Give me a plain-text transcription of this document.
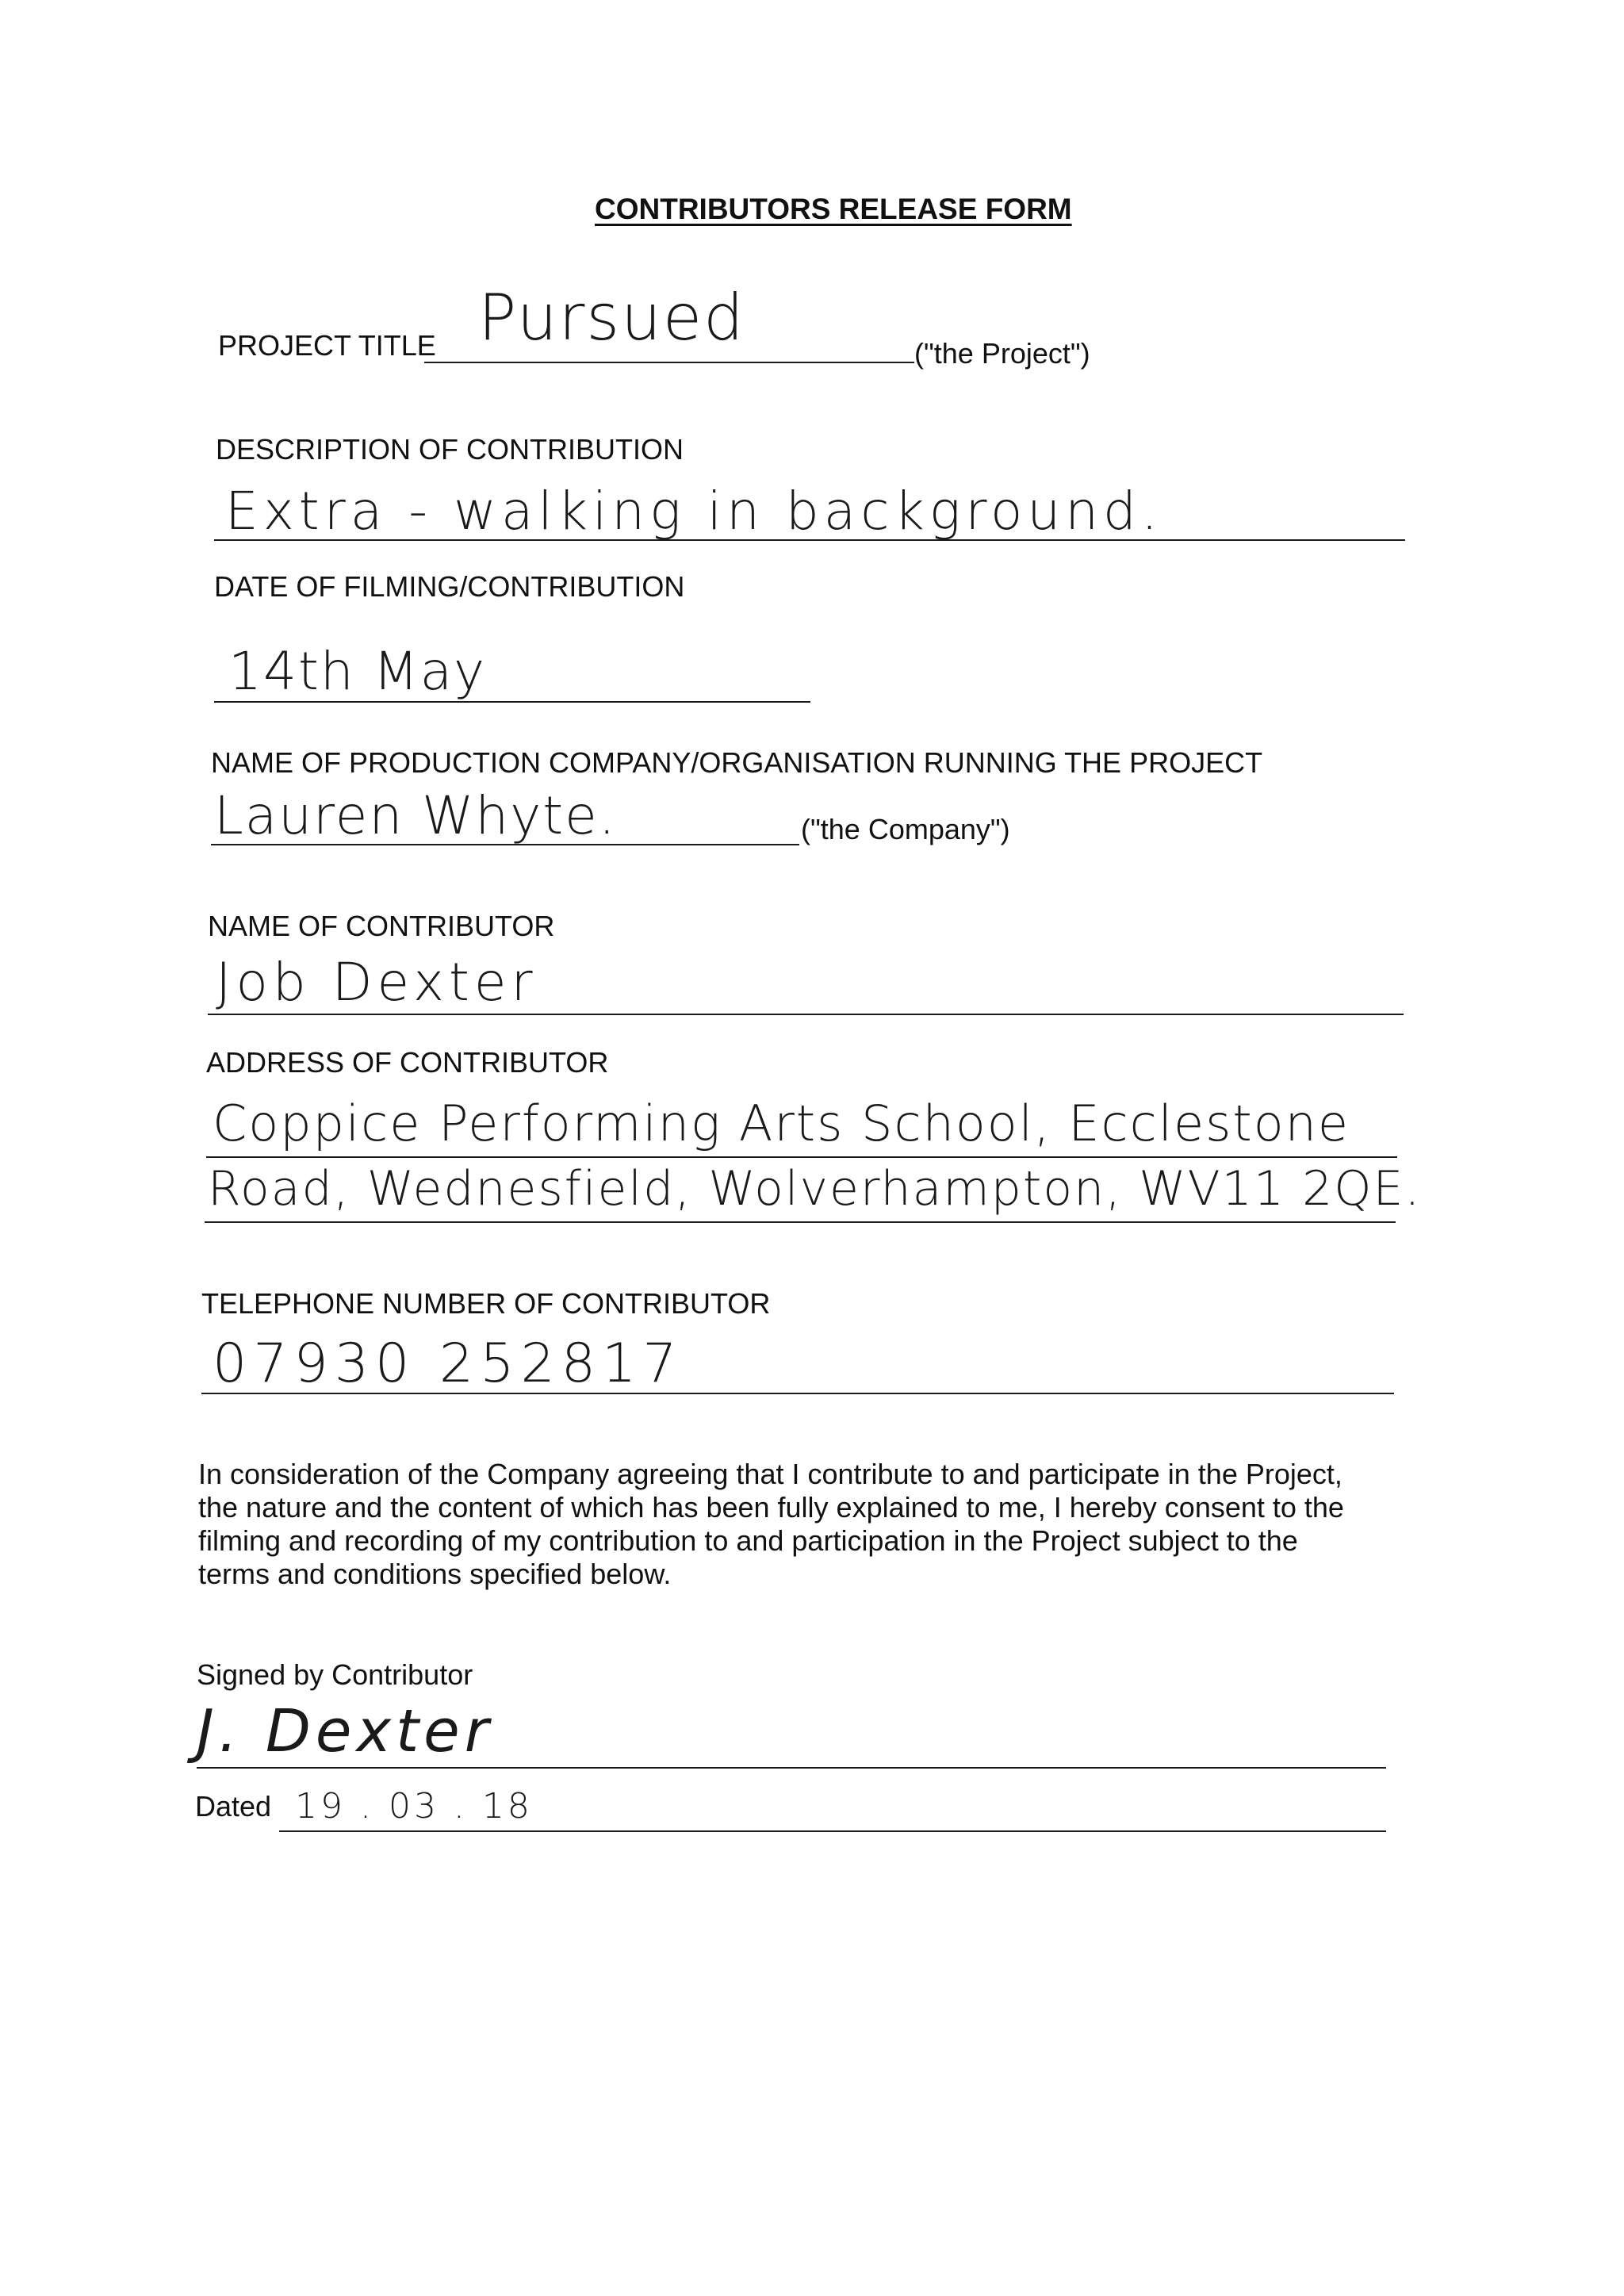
CONTRIBUTORS RELEASE FORM
PROJECT TITLE Pursued	("the Project")
DESCRIPTION OF CONTRIBUTION
Extra - walking in background.
DATE OF FILMING/CONTRIBUTION
14th May
NAME OF PRODUCTION COMPANY/ORGANISATION RUNNING THE PROJECT
Lauren Whyte.	("the Company")
NAME OF CONTRIBUTOR
Job Dexter
ADDRESS OF CONTRIBUTOR
Coppice Performing Arts School, Ecclestone
Road, Wednesfield, Wolverhampton, WV11 2QE.
TELEPHONE NUMBER OF CONTRIBUTOR
07930 252817
In consideration of the Company agreeing that I contribute to and participate in the Project,
the nature and the content of which has been fully explained to me, I hereby consent to the
filming and recording of my contribution to and participation in the Project subject to the
terms and conditions specified below.
Signed by Contributor
J. Dexter
Dated 19 . 03 . 18
